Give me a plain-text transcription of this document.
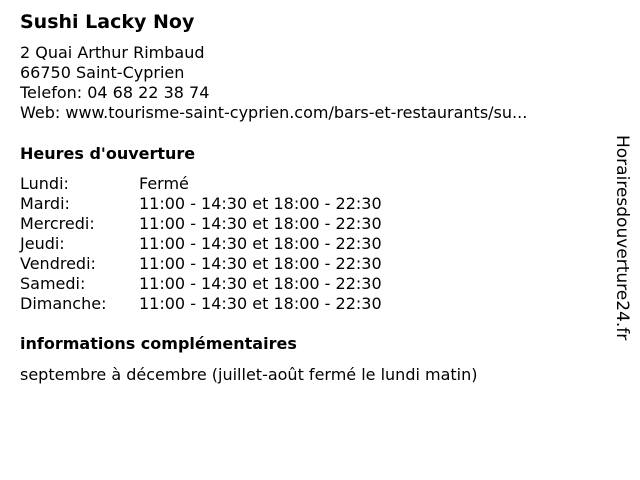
Sushi Lacky Noy
2 Quai Arthur Rimbaud
66750 Saint-Cyprien
Telefon: 04 68 22 38 74
Web: www.tourisme-saint-cyprien.com/bars-et-restaurants/su...
Heures d'ouverture
Lundi:	Fermé
Mardi:	11:00 - 14:30 et 18:00 - 22:30
Mercredi:	11:00 - 14:30 et 18:00 - 22:30
Jeudi:	11:00 - 14:30 et 18:00 - 22:30
Vendredi:	11:00 - 14:30 et 18:00 - 22:30
Samedi:	11:00 - 14:30 et 18:00 - 22:30
Dimanche:	11:00 - 14:30 et 18:00 - 22:30
informations complémentaires
septembre à décembre (juillet-août fermé le lundi matin)
Horairesdouverture24.fr
